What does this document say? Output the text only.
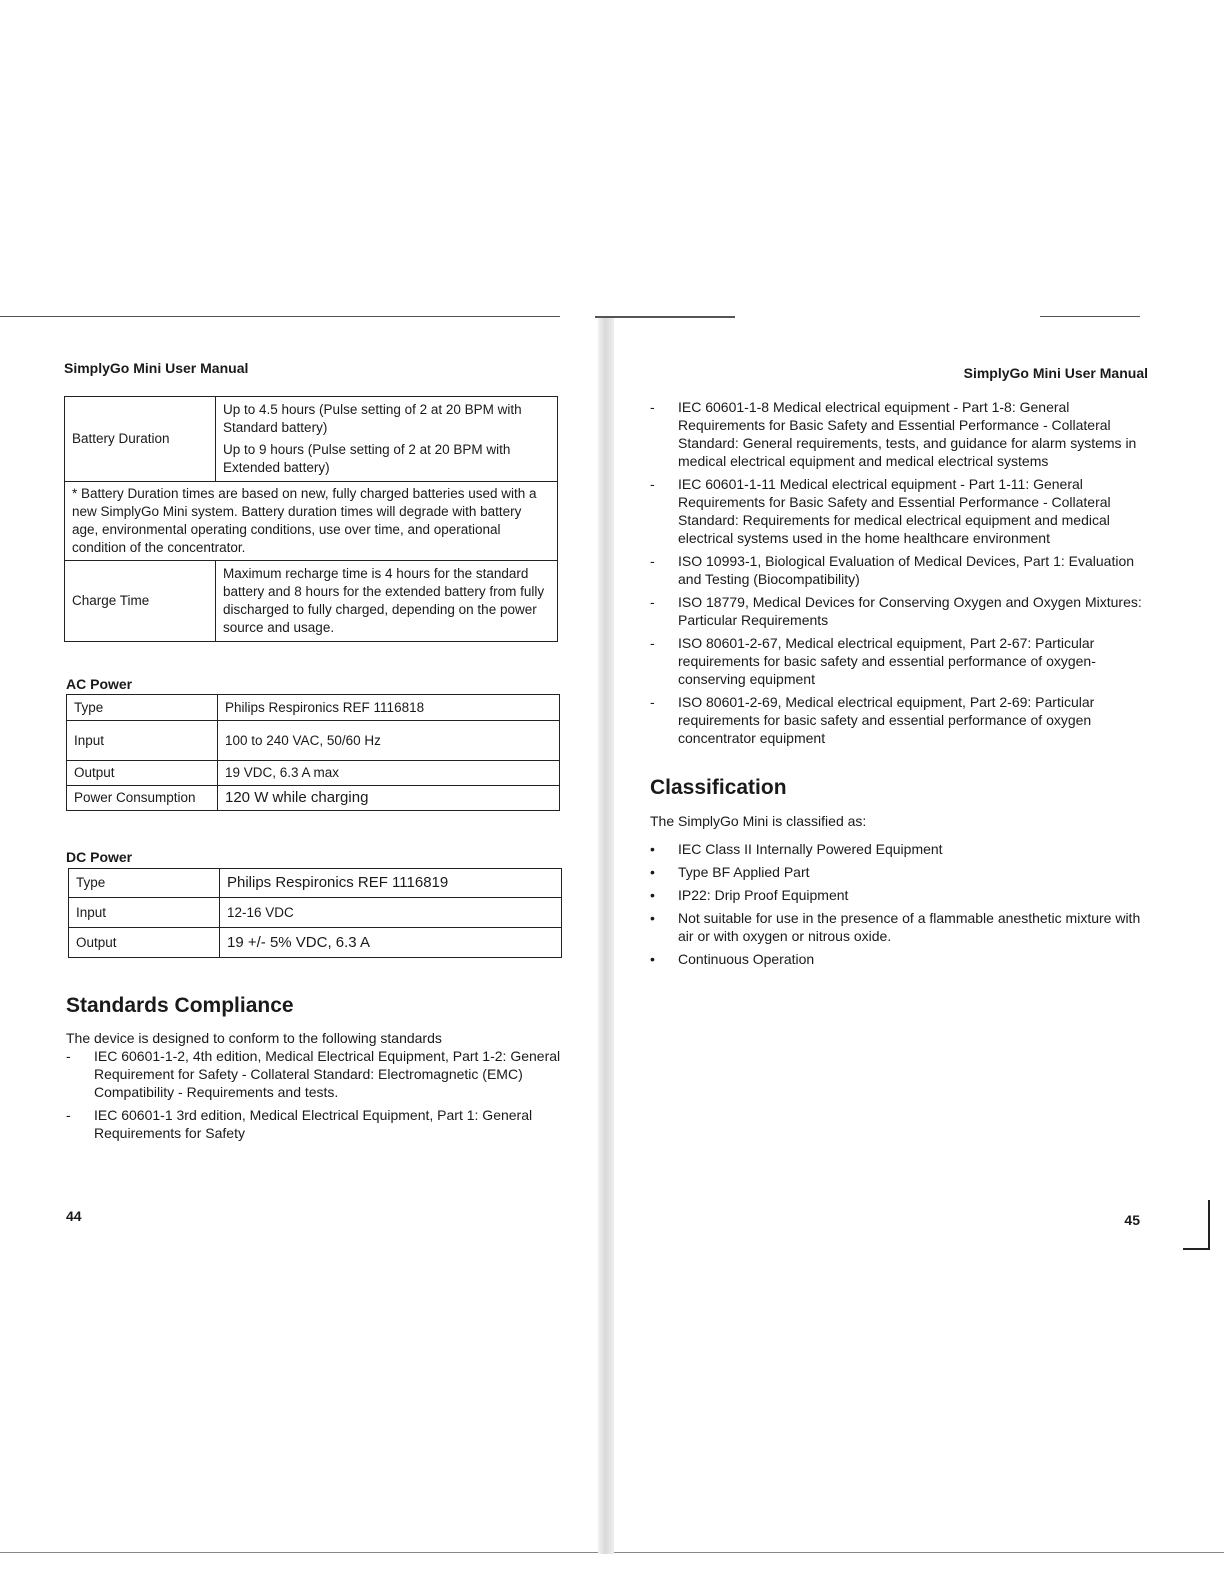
SimplyGo Mini User Manual
Battery Duration	Up to 4.5 hours (Pulse setting of 2 at 20 BPM with Standard battery)
Up to 9 hours (Pulse setting of 2 at 20 BPM with Extended battery)

* Battery Duration times are based on new, fully charged batteries used with a new SimplyGo Mini system. Battery duration times will degrade with battery age, environmental operating conditions, use over time, and operational condition of the concentrator.	
Charge Time	Maximum recharge time is 4 hours for the standard battery and 8 hours for the extended battery from fully discharged to fully charged, depending on the power source and usage.
AC Power
Type	Philips Respironics REF 1116818
Input	100 to 240 VAC, 50/60 Hz
Output	19 VDC, 6.3 A max
Power Consumption	120 W while charging
DC Power
Type	Philips Respironics REF 1116819
Input	12-16 VDC
Output	19 +/- 5% VDC, 6.3 A
Standards Compliance
The device is designed to conform to the following standards
-	IEC 60601-1-2, 4th edition, Medical Electrical Equipment, Part 1-2: General Requirement for Safety - Collateral Standard: Electromagnetic (EMC) Compatibility - Requirements and tests.
-	IEC 60601-1 3rd edition, Medical Electrical Equipment, Part 1: General Requirements for Safety
44
SimplyGo Mini User Manual
-	IEC 60601-1-8 Medical electrical equipment - Part 1-8: General Requirements for Basic Safety and Essential Performance - Collateral Standard: General requirements, tests, and guidance for alarm systems in medical electrical equipment and medical electrical systems
-	IEC 60601-1-11 Medical electrical equipment - Part 1-11: General Requirements for Basic Safety and Essential Performance - Collateral Standard: Requirements for medical electrical equipment and medical electrical systems used in the home healthcare environment
-	ISO 10993-1, Biological Evaluation of Medical Devices, Part 1: Evaluation and Testing (Biocompatibility)
-	ISO 18779, Medical Devices for Conserving Oxygen and Oxygen Mixtures: Particular Requirements
-	ISO 80601-2-67, Medical electrical equipment, Part 2-67: Particular requirements for basic safety and essential performance of oxygen-conserving equipment
-	ISO 80601-2-69, Medical electrical equipment, Part 2-69: Particular requirements for basic safety and essential performance of oxygen concentrator equipment
Classification
The SimplyGo Mini is classified as:
•	IEC Class II Internally Powered Equipment
•	Type BF Applied Part
•	IP22: Drip Proof Equipment
•	Not suitable for use in the presence of a flammable anesthetic mixture with air or with oxygen or nitrous oxide.
•	Continuous Operation
45
